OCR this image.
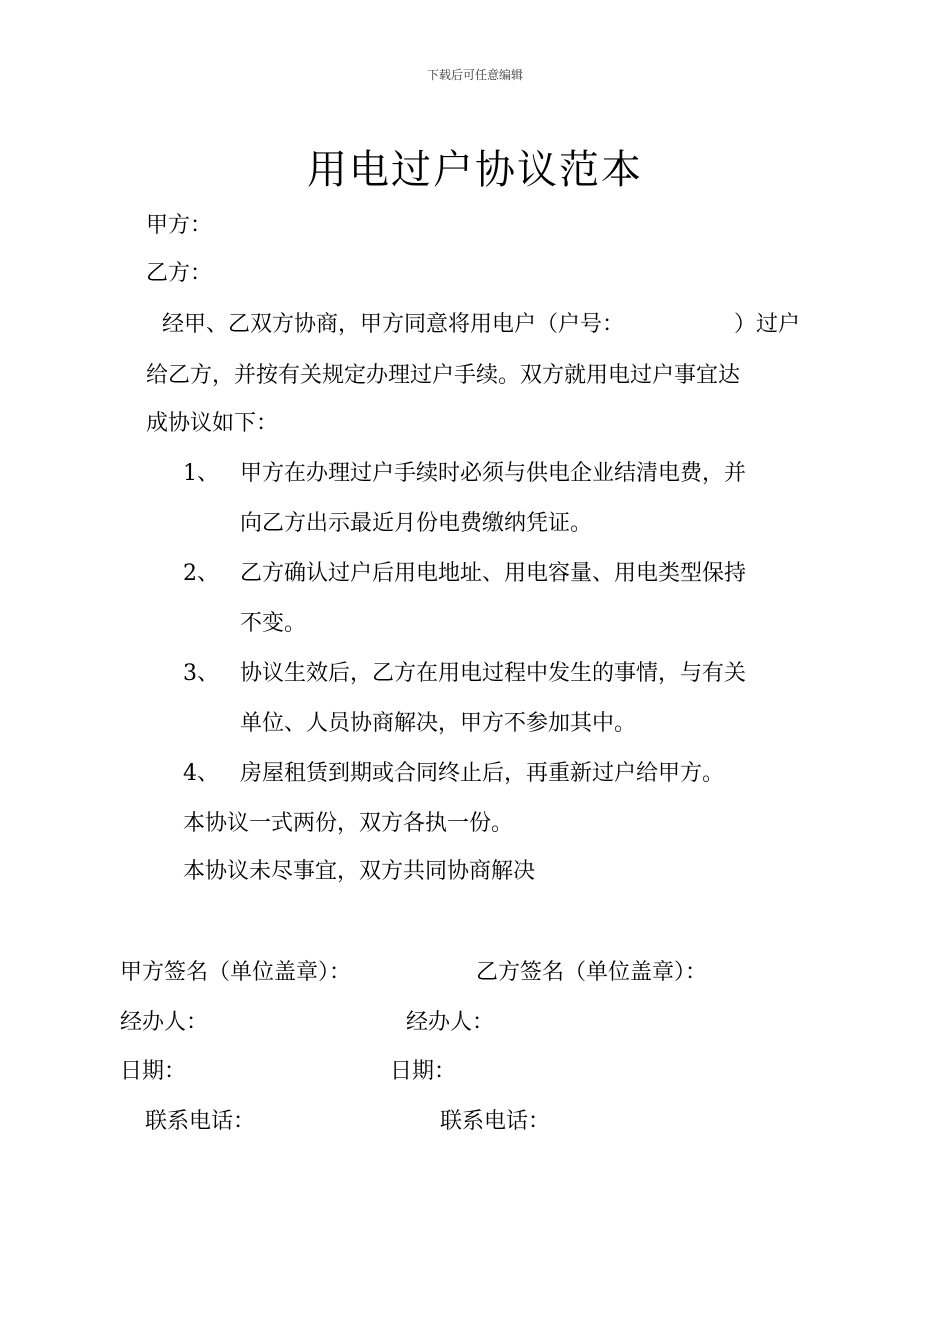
下载后可任意编辑
用电过户协议范本
甲方：
乙方：
经甲、乙双方协商，甲方同意将用电户（户号：	）过户
给乙方，并按有关规定办理过户手续。双方就用电过户事宜达
成协议如下：
1、 甲方在办理过户手续时必须与供电企业结清电费，并
向乙方出示最近月份电费缴纳凭证。
2、 乙方确认过户后用电地址、用电容量、用电类型保持
不变。
3、 协议生效后，乙方在用电过程中发生的事情，与有关
单位、人员协商解决，甲方不参加其中。
4、 房屋租赁到期或合同终止后，再重新过户给甲方。
本协议一式两份，双方各执一份。
本协议未尽事宜，双方共同协商解决
甲方签名（单位盖章）：	乙方签名（单位盖章）：
经办人：	经办人：
日期：	日期：
联系电话：	联系电话：
